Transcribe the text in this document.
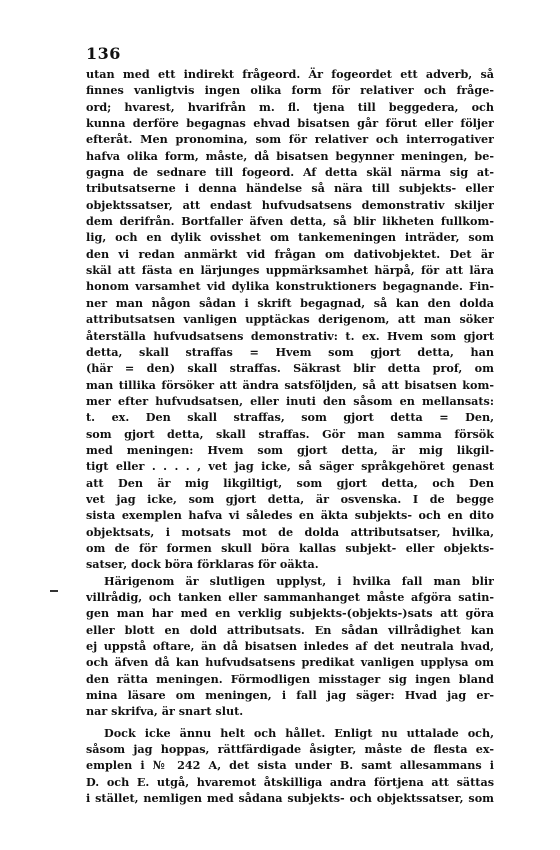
136
utan med ett indirekt frågeord. Är fogeordet ett adverb, så
finnes vanligtvis ingen olika form för relativer och fråge-
ord; hvarest, hvarifrån m. fl. tjena till beggedera, och
kunna derföre begagnas ehvad bisatsen går förut eller följer
efteråt. Men pronomina, som för relativer och interrogativer
hafva olika form, måste, då bisatsen begynner meningen, be-
gagna de sednare till fogeord. Af detta skäl närma sig at-
tributsatserne i denna händelse så nära till subjekts- eller
objektssatser, att endast hufvudsatsens demonstrativ skiljer
dem derifrån. Bortfaller äfven detta, så blir likheten fullkom-
lig, och en dylik ovisshet om tankemeningen inträder, som
den vi redan anmärkt vid frågan om dativobjektet. Det är
skäl att fästa en lärjunges uppmärksamhet härpå, för att lära
honom varsamhet vid dylika konstruktioners begagnande. Fin-
ner man någon sådan i skrift begagnad, så kan den dolda
attributsatsen vanligen upptäckas derigenom, att man söker
återställa hufvudsatsens demonstrativ: t. ex. Hvem som gjort
detta, skall straffas = Hvem som gjort detta, han
(här = den) skall straffas. Säkrast blir detta prof, om
man tillika försöker att ändra satsföljden, så att bisatsen kom-
mer efter hufvudsatsen, eller inuti den såsom en mellansats:
t. ex. Den skall straffas, som gjort detta = Den,
som gjort detta, skall straffas. Gör man samma försök
med meningen: Hvem som gjort detta, är mig likgil-
tigt eller . . . . , vet jag icke, så säger språkgehöret genast
att Den är mig likgiltigt, som gjort detta, och Den
vet jag icke, som gjort detta, är osvenska. I de begge
sista exemplen hafva vi således en äkta subjekts- och en dito
objektsats, i motsats mot de dolda attributsatser, hvilka,
om de för formen skull böra kallas subjekt- eller objekts-
satser, dock böra förklaras för oäkta.
Härigenom är slutligen upplyst, i hvilka fall man blir
villrådig, och tanken eller sammanhanget måste afgöra satin-
gen man har med en verklig subjekts-(objekts-)sats att göra
eller blott en dold attributsats. En sådan villrådighet kan
ej uppstå oftare, än då bisatsen inledes af det neutrala hvad,
och äfven då kan hufvudsatsens predikat vanligen upplysa om
den rätta meningen. Förmodligen misstager sig ingen bland
mina läsare om meningen, i fall jag säger: Hvad jag er-
nar skrifva, är snart slut.
Dock icke ännu helt och hållet. Enligt nu uttalade och,
såsom jag hoppas, rättfärdigade åsigter, måste de flesta ex-
emplen i № 242 A, det sista under B. samt allesammans i
D. och E. utgå, hvaremot åtskilliga andra förtjena att sättas
i stället, nemligen med sådana subjekts- och objektssatser, som
